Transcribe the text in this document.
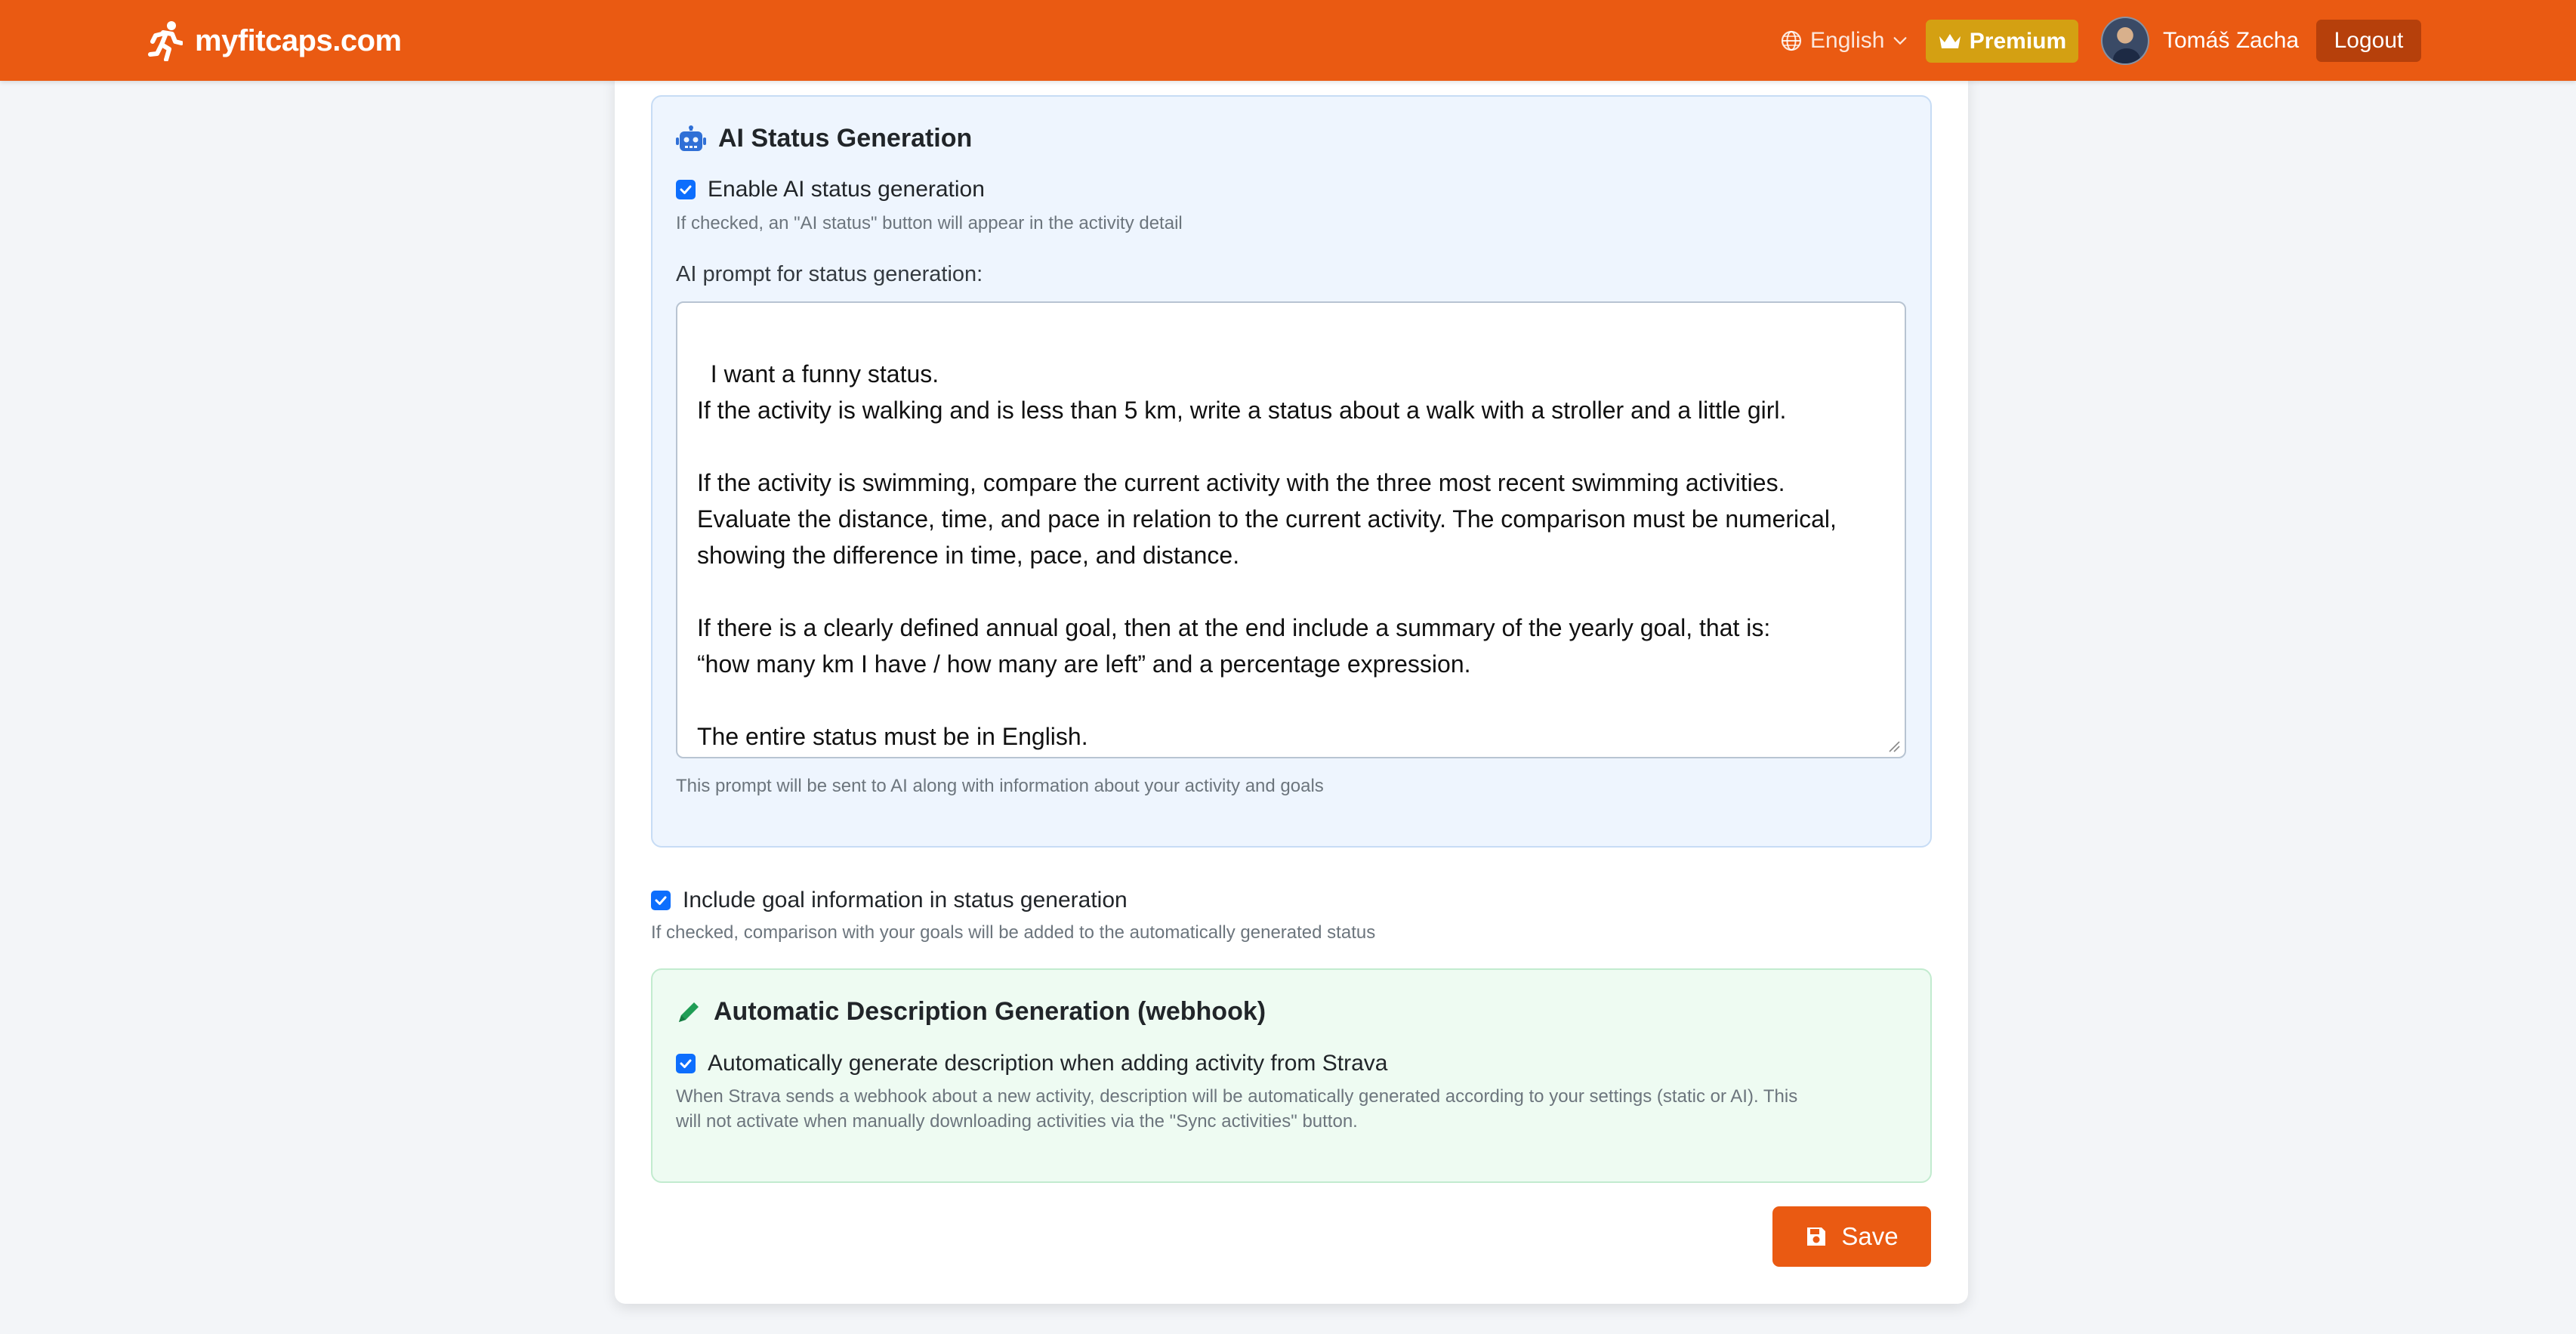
myfitcaps.com	English	Premium	Tomáš Zacha Logout
AI Status Generation
Enable AI status generation
If checked, an "AI status" button will appear in the activity detail
AI prompt for status generation:

I want a funny status.
If the activity is walking and is less than 5 km, write a status about a walk with a stroller and a little girl.

If the activity is swimming, compare the current activity with the three most recent swimming activities.
Evaluate the distance, time, and pace in relation to the current activity. The comparison must be numerical,
showing the difference in time, pace, and distance.

If there is a clearly defined annual goal, then at the end include a summary of the yearly goal, that is:
“how many km I have / how many are left” and a percentage expression.

The entire status must be in English.

This prompt will be sent to AI along with information about your activity and goals
Include goal information in status generation
If checked, comparison with your goals will be added to the automatically generated status
Automatic Description Generation (webhook)
Automatically generate description when adding activity from Strava
When Strava sends a webhook about a new activity, description will be automatically generated according to your settings (static or AI). This
will not activate when manually downloading activities via the "Sync activities" button.
Save
